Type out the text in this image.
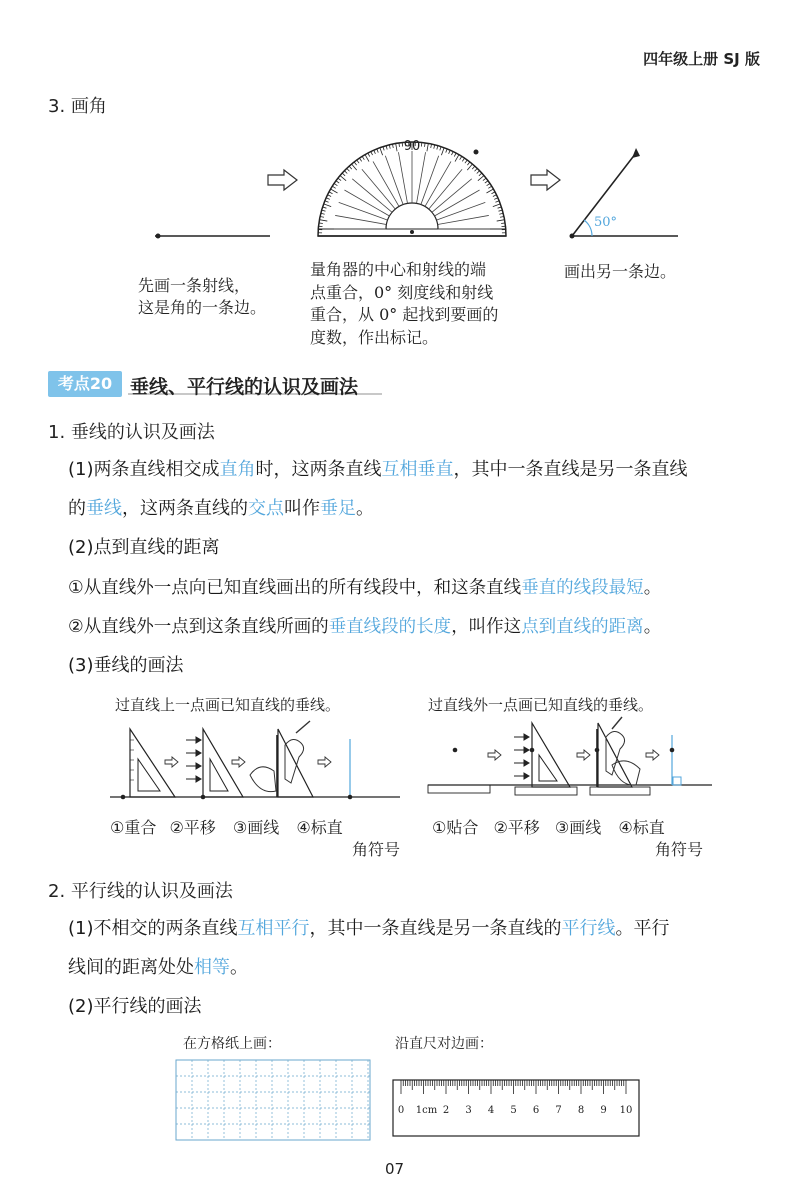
四年级上册 SJ 版
3. 画角
90
50°
先画一条射线，
这是角的一条边。
量角器的中心和射线的端
点重合，0° 刻度线和射线
重合，从 0° 起找到要画的
度数，作出标记。
画出另一条边。
考点20 垂线、平行线的认识及画法
1. 垂线的认识及画法
(1)两条直线相交成直角时，这两条直线互相垂直，其中一条直线是另一条直线
的垂线，这两条直线的交点叫作垂足。
(2)点到直线的距离
①从直线外一点向已知直线画出的所有线段中，和这条直线垂直的线段最短。
②从直线外一点到这条直线所画的垂直线段的长度，叫作这点到直线的距离。
(3)垂线的画法
过直线上一点画已知直线的垂线。	过直线外一点画已知直线的垂线。
①重合 ②平移 ③画线 ④标直
角符号
①贴合 ②平移 ③画线 ④标直
角符号
2. 平行线的认识及画法
(1)不相交的两条直线互相平行，其中一条直线是另一条直线的平行线。平行
线间的距离处处相等。
(2)平行线的画法
在方格纸上画：	沿直尺对边画：
0 1cm 2 3 4 5 6 7 8 9 10
07
